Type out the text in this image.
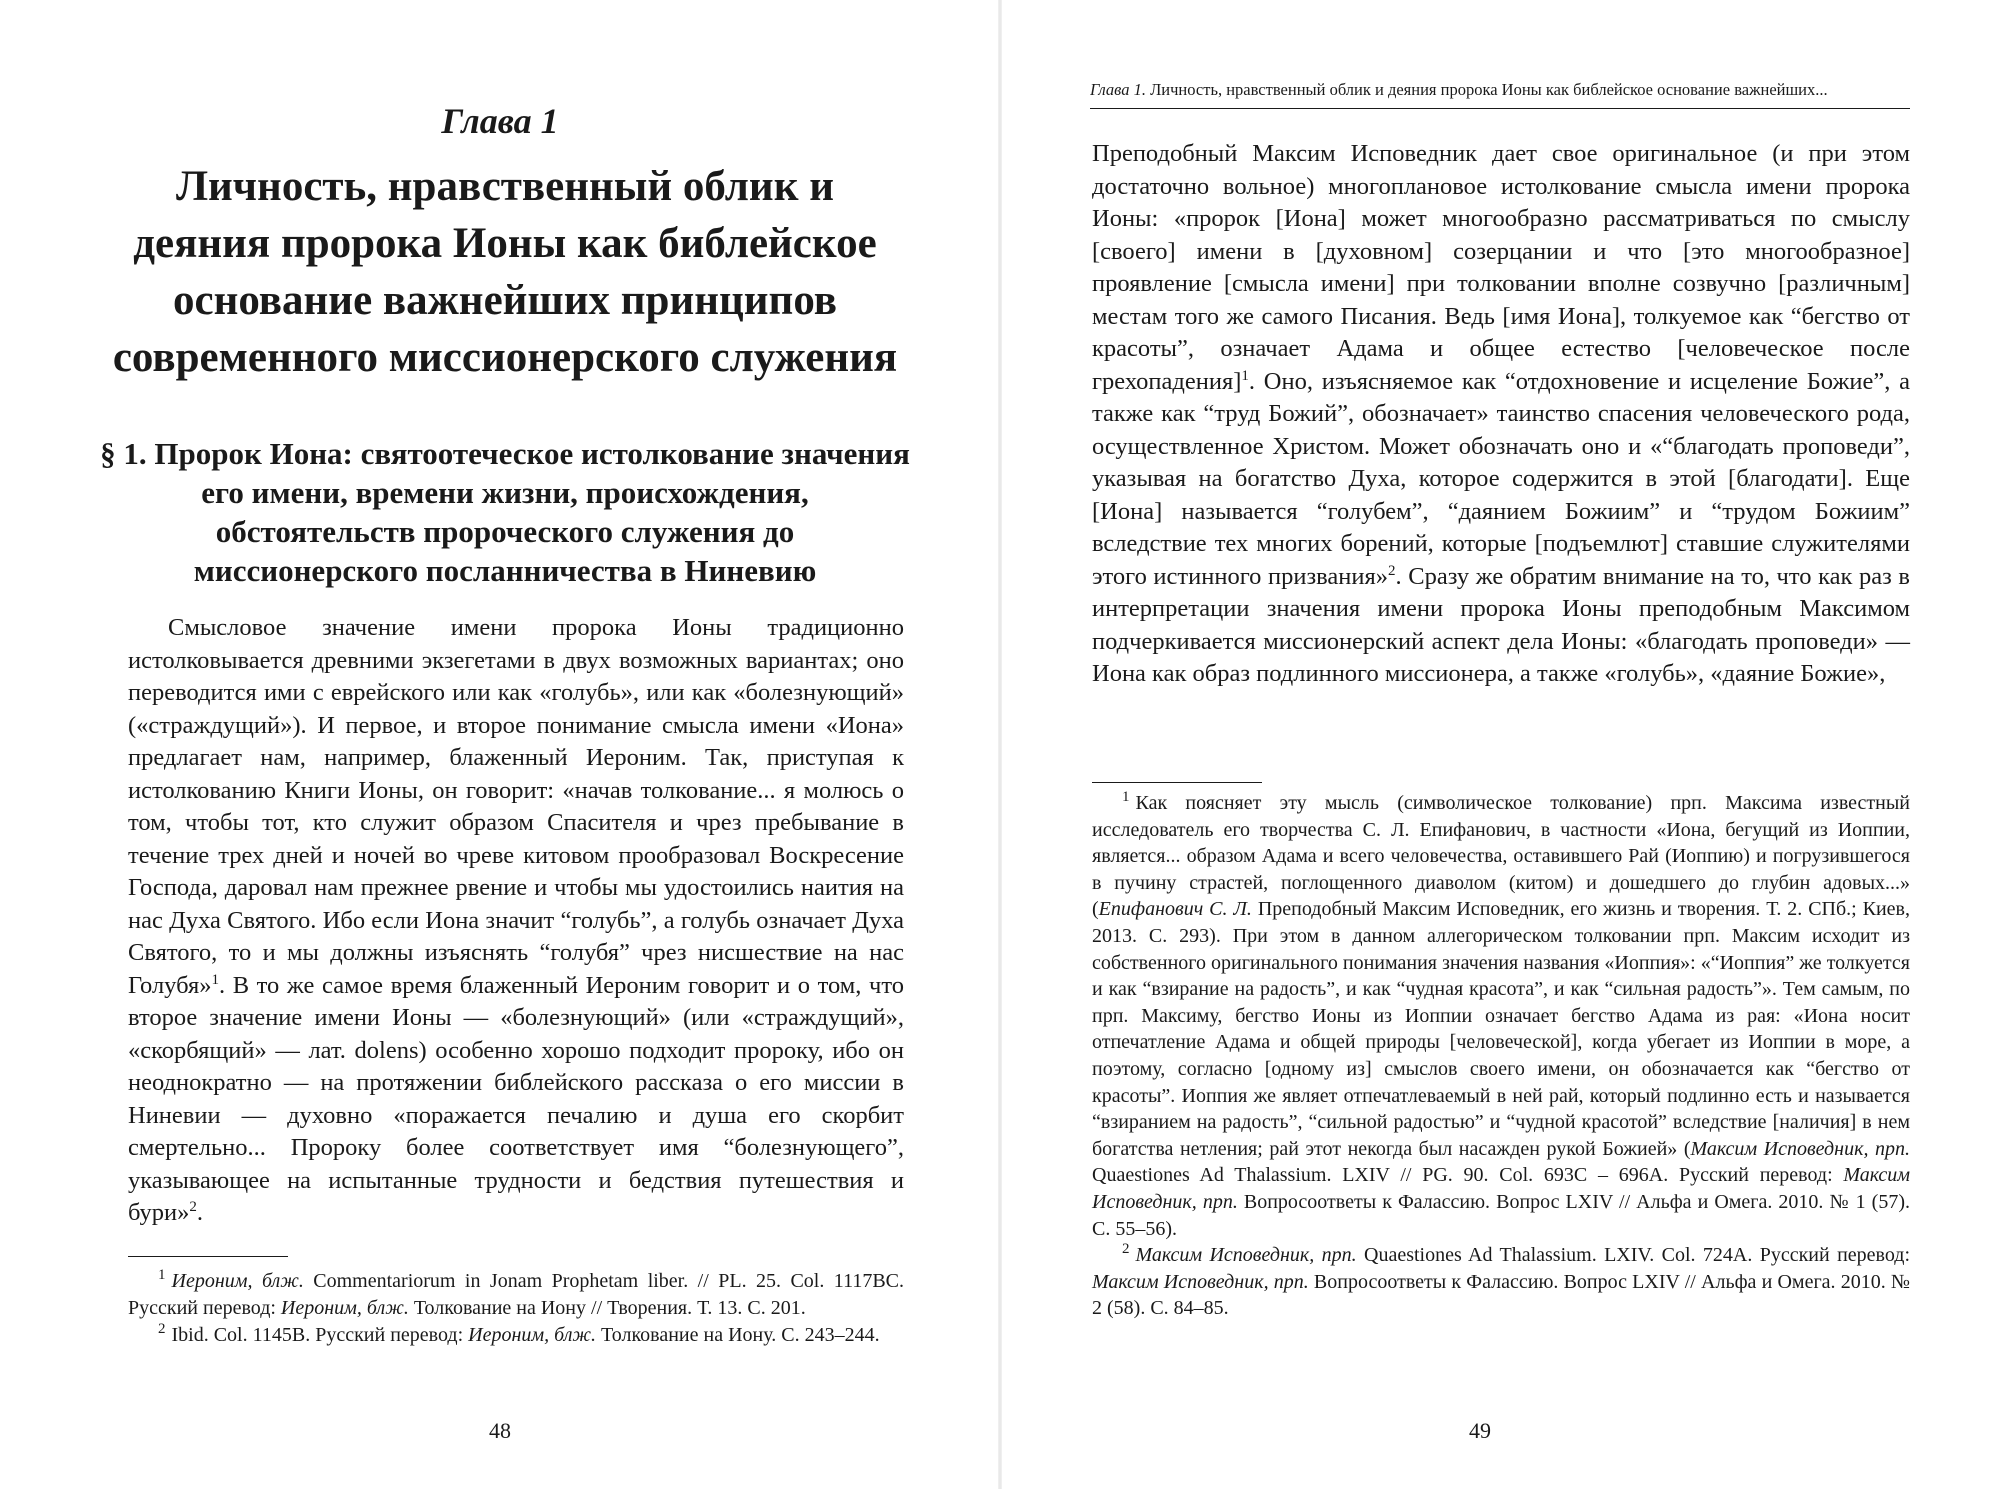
Глава 1
Личность, нравственный облик и деяния пророка Ионы как библейское основание важнейших принципов современного миссионерского служения
§ 1. Пророк Иона: святоотеческое истолкование значения его имени, времени жизни, происхождения, обстоятельств пророческого служения до миссионерского посланничества в Ниневию

Смысловое значение имени пророка Ионы традиционно истолковывается древними экзегетами в двух возможных вариантах; оно переводится ими с еврейского или как «голубь», или как «болезнующий» («страждущий»). И первое, и второе понимание смысла имени «Иона» предлагает нам, например, блаженный Иероним. Так, приступая к истолкованию Книги Ионы, он говорит: «начав толкование... я молюсь о том, чтобы тот, кто служит образом Спасителя и чрез пребывание в течение трех дней и ночей во чреве китовом прообразовал Воскресение Господа, даровал нам прежнее рвение и чтобы мы удостоились наития на нас Духа Святого. Ибо если Иона значит “голубь”, а голубь означает Духа Святого, то и мы должны изъяснять “голубя” чрез нисшествие на нас Голубя»$^1$. В то же самое время блаженный Иероним говорит и о том, что второе значение имени Ионы — «болезнующий» (или «страждущий», «скорбящий» — лат. dolens) особенно хорошо подходит пророку, ибо он неоднократно — на протяжении библейского рассказа о его миссии в Ниневии — духовно «поражается печалию и душа его скорбит смертельно... Пророку более соответствует имя “болезнующего”, указывающее на испытанные трудности и бедствия путешествия и бури»$^2$.

$^1$ Иероним, блж. Commentariorum in Jonam Prophetam liber. // PL. 25. Col. 1117BC. Русский перевод: Иероним, блж. Толкование на Иону // Творения. Т. 13. С. 201.

$^2$ Ibid. Col. 1145B. Русский перевод: Иероним, блж. Толкование на Иону. С. 243–244.

48
Глава 1. Личность, нравственный облик и деяния пророка Ионы как библейское основание важнейших...

Преподобный Максим Исповедник дает свое оригинальное (и при этом достаточно вольное) многоплановое истолкование смысла имени пророка Ионы: «пророк [Иона] может многообразно рассматриваться по смыслу [своего] имени в [духовном] созерцании и что [это многообразное] проявление [смысла имени] при толковании вполне созвучно [различным] местам того же самого Писания. Ведь [имя Иона], толкуемое как “бегство от красоты”, означает Адама и общее естество [человеческое после грехопадения]$^1$. Оно, изъясняемое как “отдохновение и исцеление Божие”, а также как “труд Божий”, обозначает» таинство спасения человеческого рода, осуществленное Христом. Может обозначать оно и «“благодать проповеди”, указывая на богатство Духа, которое содержится в этой [благодати]. Еще [Иона] называется “голубем”, “даянием Божиим” и “трудом Божиим” вследствие тех многих борений, которые [подъемлют] ставшие служителями этого истинного призвания»$^2$. Сразу же обратим внимание на то, что как раз в интерпретации значения имени пророка Ионы преподобным Максимом подчеркивается миссионерский аспект дела Ионы: «благодать проповеди» — Иона как образ подлинного миссионера, а также «голубь», «даяние Божие»,

$^1$ Как поясняет эту мысль (символическое толкование) прп. Максима известный исследователь его творчества С. Л. Епифанович, в частности «Иона, бегущий из Иоппии, является... образом Адама и всего человечества, оставившего Рай (Иоппию) и погрузившегося в пучину страстей, поглощенного диаволом (китом) и дошедшего до глубин адовых...» (Епифанович С. Л. Преподобный Максим Исповедник, его жизнь и творения. Т. 2. СПб.; Киев, 2013. С. 293). При этом в данном аллегорическом толковании прп. Максим исходит из собственного оригинального понимания значения названия «Иоппия»: «“Иоппия” же толкуется и как “взирание на радость”, и как “чудная красота”, и как “сильная радость”». Тем самым, по прп. Максиму, бегство Ионы из Иоппии означает бегство Адама из рая: «Иона носит отпечатление Адама и общей природы [человеческой], когда убегает из Иоппии в море, а поэтому, согласно [одному из] смыслов своего имени, он обозначается как “бегство от красоты”. Иоппия же являет отпечатлеваемый в ней рай, который подлинно есть и называется “взиранием на радость”, “сильной радостью” и “чудной красотой” вследствие [наличия] в нем богатства нетления; рай этот некогда был насажден рукой Божией» (Максим Исповедник, прп. Quaestiones Ad Thalassium. LXIV // PG. 90. Col. 693C – 696A. Русский перевод: Максим Исповедник, прп. Вопросоответы к Фалассию. Вопрос LXIV // Альфа и Омега. 2010. № 1 (57). С. 55–56).

$^2$ Максим Исповедник, прп. Quaestiones Ad Thalassium. LXIV. Col. 724A. Русский перевод: Максим Исповедник, прп. Вопросоответы к Фалассию. Вопрос LXIV // Альфа и Омега. 2010. № 2 (58). С. 84–85.

49
